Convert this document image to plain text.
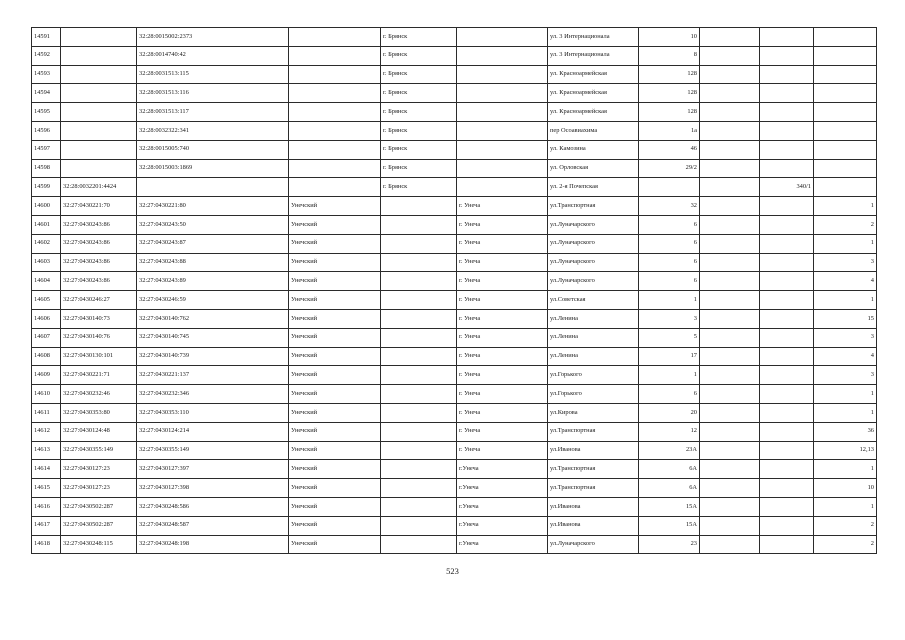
14591		32:28:0015002:2373		г. Брянск		ул. 3 Интернационала	10			
14592		32:28:0014740:42		г. Брянск		ул. 3 Интернационала	8			
14593		32:28:0031513:115		г. Брянск		ул. Красноармейская	128			
14594		32:28:0031513:116		г. Брянск		ул. Красноармейская	128			
14595		32:28:0031513:117		г. Брянск		ул. Красноармейская	128			
14596		32:28:0032322:341		г. Брянск		пер Осоавиахима	1а			
14597		32:28:0015005:740		г. Брянск		ул. Камозина	46			
14598		32:28:0015003:1869		г. Брянск		ул. Орловская	29/2			
14599	32:28:0032201:4424			г. Брянск		ул. 2-я Почепская			340/1	
14600	32:27:0430221:70	32:27:0430221:80	Унечский		г. Унеча	ул.Транспортная	32			1
14601	32:27:0430243:86	32:27:0430243:50	Унечский		г. Унеча	ул.Луначарского	6			2
14602	32:27:0430243:86	32:27:0430243:87	Унечский		г. Унеча	ул.Луначарского	6			1
14603	32:27:0430243:86	32:27:0430243:88	Унечский		г. Унеча	ул.Луначарского	6			3
14604	32:27:0430243:86	32:27:0430243:89	Унечский		г. Унеча	ул.Луначарского	6			4
14605	32:27:0430246:27	32:27:0430246:59	Унечский		г. Унеча	ул.Советская	1			1
14606	32:27:0430140:73	32:27:0430140:762	Унечский		г. Унеча	ул.Ленина	3			15
14607	32:27:0430140:76	32:27:0430140:745	Унечский		г. Унеча	ул.Ленина	5			3
14608	32:27:0430130:101	32:27:0430140:739	Унечский		г. Унеча	ул.Ленина	17			4
14609	32:27:0430221:71	32:27:0430221:137	Унечский		г. Унеча	ул.Горького	1			3
14610	32:27:0430232:46	32:27:0430232:346	Унечский		г. Унеча	ул.Горького	6			1
14611	32:27:0430353:80	32:27:0430353:110	Унечский		г. Унеча	ул.Кирова	20			1
14612	32:27:0430124:48	32:27:0430124:214	Унечский		г. Унеча	ул.Транспортная	12			36
14613	32:27:0430355:149	32:27:0430355:149	Унечский		г. Унеча	ул.Иванова	23А			12,13
14614	32:27:0430127:23	32:27:0430127:397	Унечский		г.Унеча	ул.Транспортная	6А			1
14615	32:27:0430127:23	32:27:0430127:398	Унечский		г.Унеча	ул.Транспортная	6А			10
14616	32:27:0430502:287	32:27:0430248:586	Унечский		г.Унеча	ул.Иванова	15А			1
14617	32:27:0430502:287	32:27:0430248:587	Унечский		г.Унеча	ул.Иванова	15А			2
14618	32:27:0430248:115	32:27:0430248:198	Унечский		г.Унеча	ул.Луначарского	23			2
523
